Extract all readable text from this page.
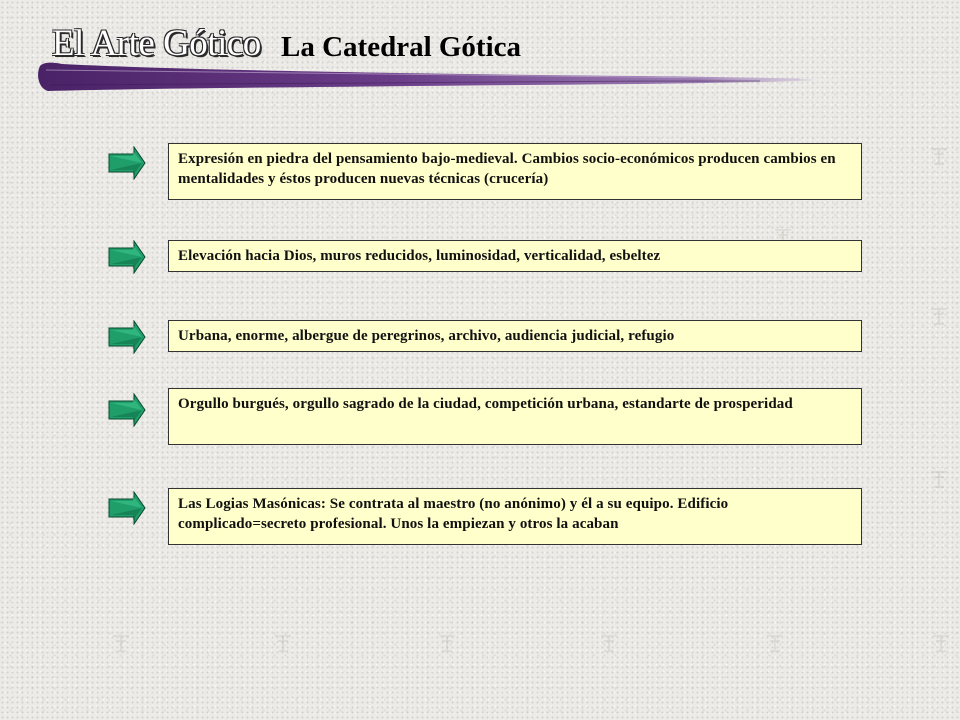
El Arte Gótico La Catedral Gótica
Expresión en piedra del pensamiento bajo-medieval. Cambios socio-económicos producen cambios en mentalidades y éstos producen nuevas técnicas (crucería)
Elevación hacia Dios, muros reducidos, luminosidad, verticalidad, esbeltez
Urbana, enorme, albergue de peregrinos, archivo, audiencia judicial, refugio
Orgullo burgués, orgullo sagrado de la ciudad, competición urbana, estandarte de prosperidad
Las Logias Masónicas: Se contrata al maestro (no anónimo) y él a su equipo. Edificio complicado=secreto profesional. Unos la empiezan y otros la acaban
